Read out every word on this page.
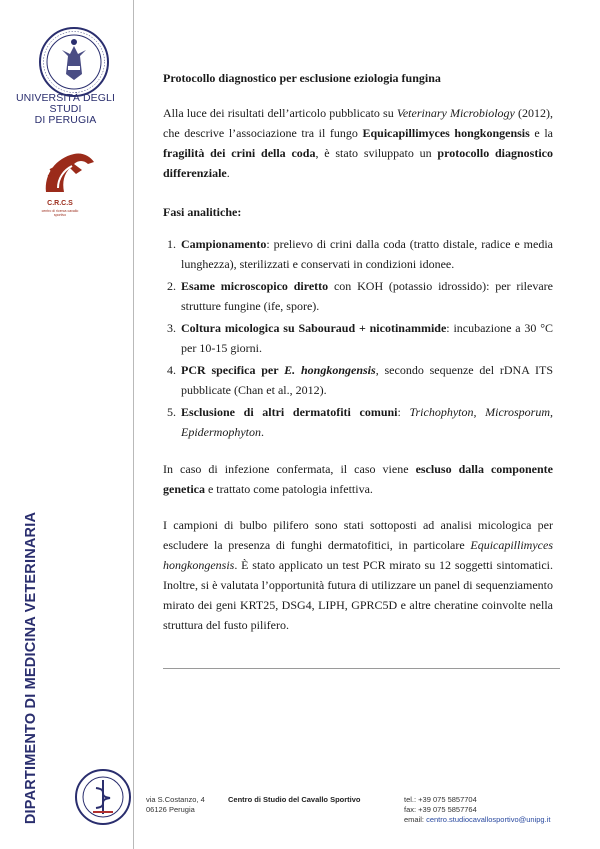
UNIVERSITÀ DEGLI STUDI
DI PERUGIA
C.R.C.S
centro di ricerca cavallo sportivo
DIPARTIMENTO DI MEDICINA VETERINARIA
Protocollo diagnostico per esclusione eziologia fungina

Alla luce dei risultati dell’articolo pubblicato su Veterinary Microbiology (2012), che descrive l’associazione tra il fungo Equicapillimyces hongkongensis e la fragilità dei crini della coda, è stato sviluppato un protocollo diagnostico differenziale.

Fasi analitiche:
1. Campionamento: prelievo di crini dalla coda (tratto distale, radice e media lunghezza), sterilizzati e conservati in condizioni idonee.
2. Esame microscopico diretto con KOH (potassio idrossido): per rilevare strutture fungine (ife, spore).
3. Coltura micologica su Sabouraud + nicotinammide: incubazione a 30 °C per 10-15 giorni.
4. PCR specifica per E. hongkongensis, secondo sequenze del rDNA ITS pubblicate (Chan et al., 2012).
5. Esclusione di altri dermatofiti comuni: Trichophyton, Microsporum, Epidermophyton.

In caso di infezione confermata, il caso viene escluso dalla componente genetica e trattato come patologia infettiva.

I campioni di bulbo pilifero sono stati sottoposti ad analisi micologica per escludere la presenza di funghi dermatofitici, in particolare Equicapillimyces hongkongensis. È stato applicato un test PCR mirato su 12 soggetti sintomatici. Inoltre, si è valutata l’opportunità futura di utilizzare un panel di sequenziamento mirato dei geni KRT25, DSG4, LIPH, GPRC5D e altre cheratine coinvolte nella struttura del fusto pilifero.

via S.Costanzo, 4
06126 Perugia
Centro di Studio del Cavallo Sportivo	tel.: +39 075 5857704
fax: +39 075 5857764
email: centro.studiocavallosportivo@unipg.it
